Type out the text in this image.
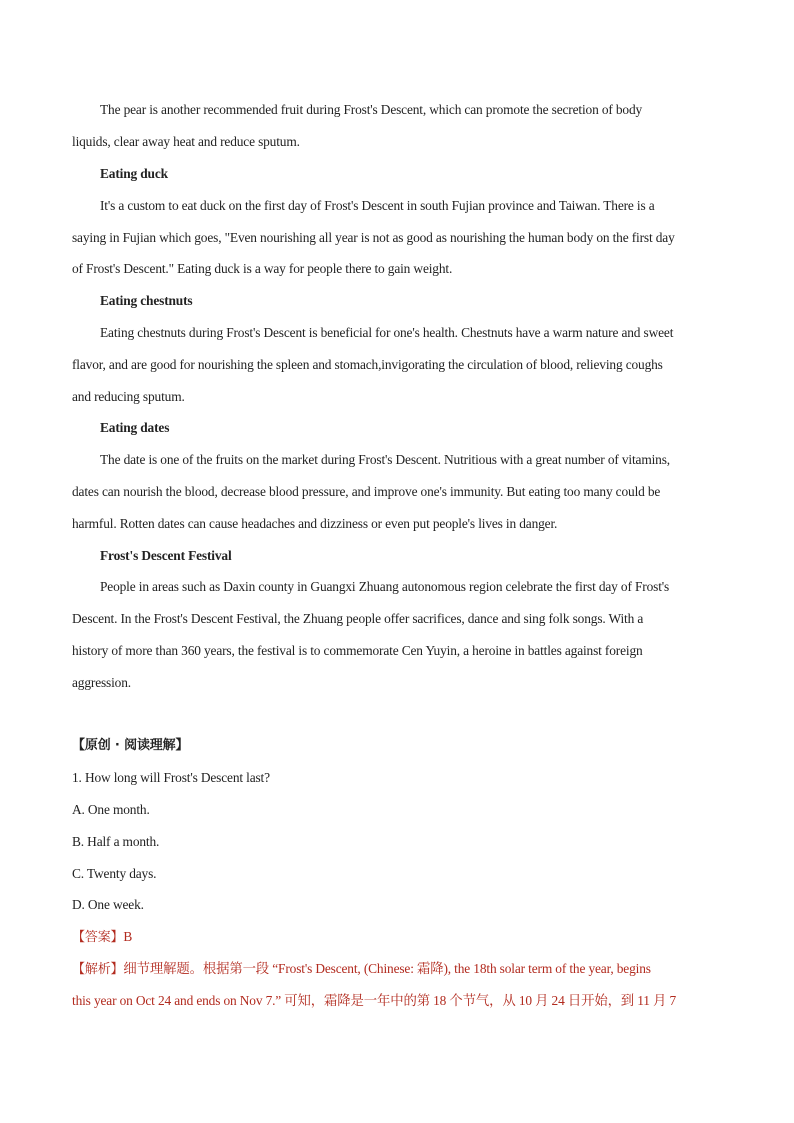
The pear is another recommended fruit during Frost's Descent, which can promote the secretion of body
liquids, clear away heat and reduce sputum.
Eating duck
It's a custom to eat duck on the first day of Frost's Descent in south Fujian province and Taiwan. There is a
saying in Fujian which goes, "Even nourishing all year is not as good as nourishing the human body on the first day
of Frost's Descent." Eating duck is a way for people there to gain weight.
Eating chestnuts
Eating chestnuts during Frost's Descent is beneficial for one's health. Chestnuts have a warm nature and sweet
flavor, and are good for nourishing the spleen and stomach,invigorating the circulation of blood, relieving coughs
and reducing sputum.
Eating dates
The date is one of the fruits on the market during Frost's Descent. Nutritious with a great number of vitamins,
dates can nourish the blood, decrease blood pressure, and improve one's immunity. But eating too many could be
harmful. Rotten dates can cause headaches and dizziness or even put people's lives in danger.
Frost's Descent Festival
People in areas such as Daxin county in Guangxi Zhuang autonomous region celebrate the first day of Frost's
Descent. In the Frost's Descent Festival, the Zhuang people offer sacrifices, dance and sing folk songs. With a
history of more than 360 years, the festival is to commemorate Cen Yuyin, a heroine in battles against foreign
aggression.
【原创 · 阅读理解】
1. How long will Frost's Descent last?
A. One month.
B. Half a month.
C. Twenty days.
D. One week.
【答案】B
【解析】细节理解题。根据第一段 “Frost's Descent, (Chinese: 霜降), the 18th solar term of the year, begins
this year on Oct 24 and ends on Nov 7.” 可知，霜降是一年中的第 18 个节气，从 10 月 24 日开始，到 11 月 7
